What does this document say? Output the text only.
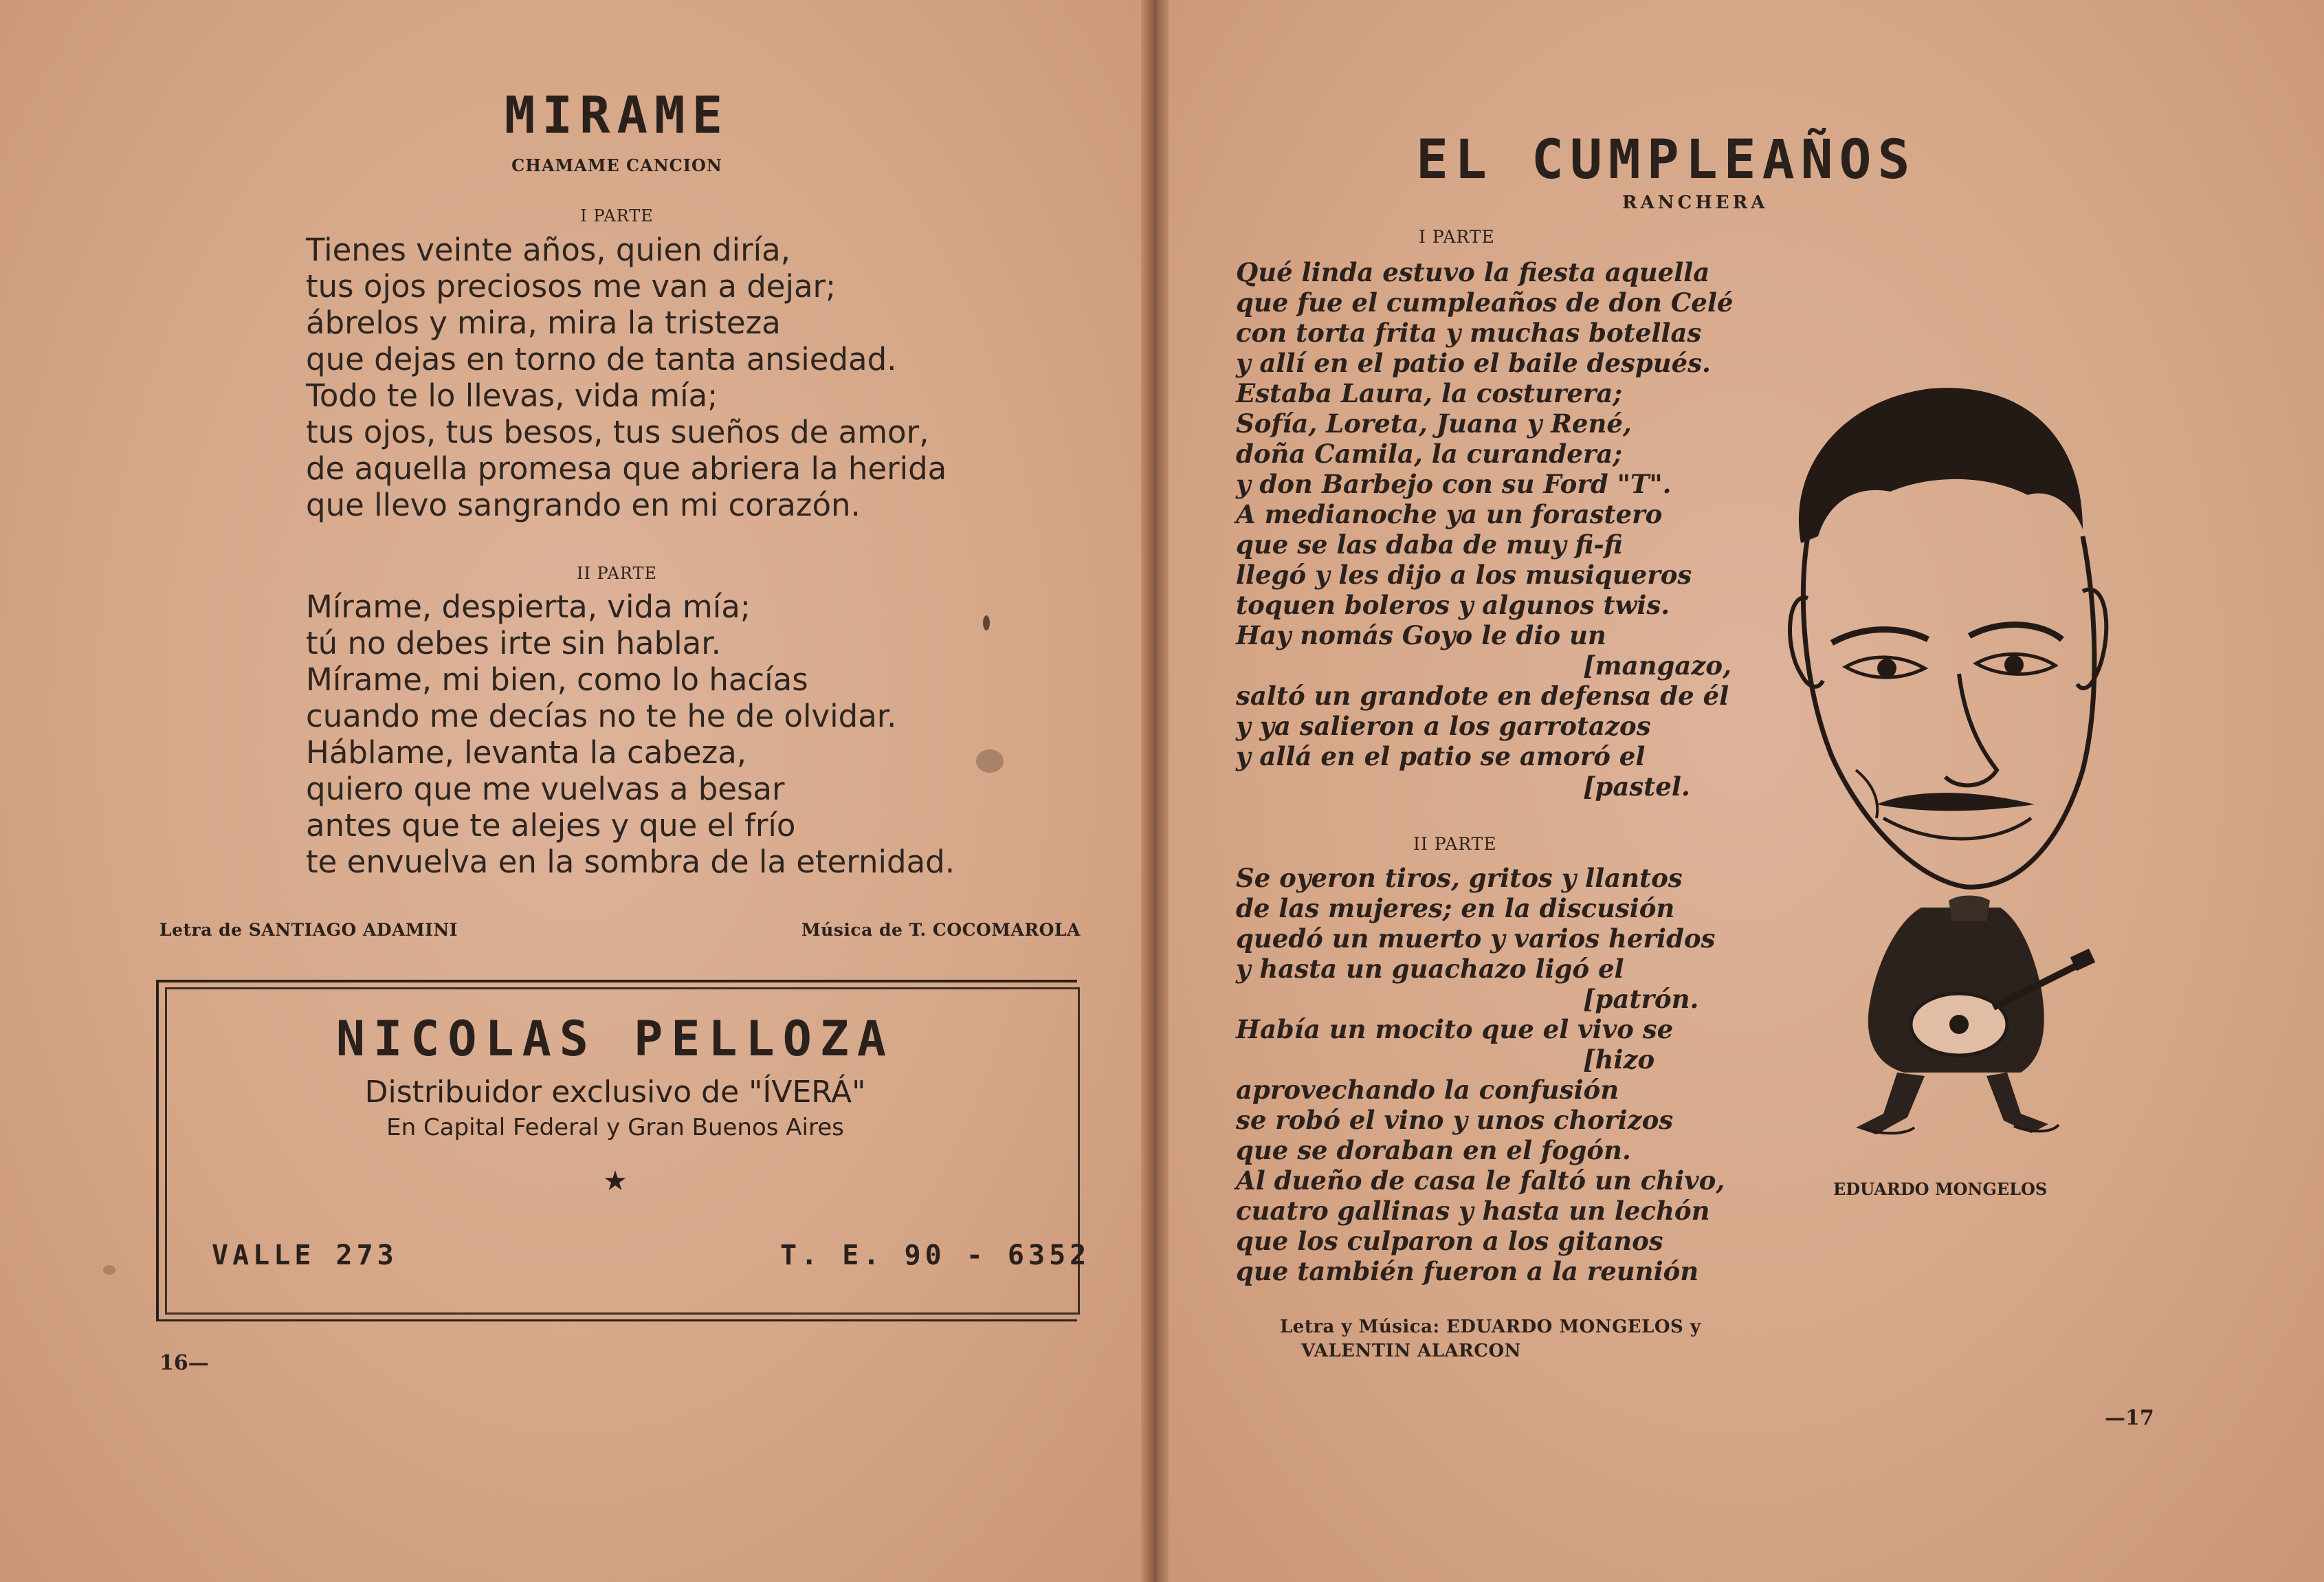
MIRAME
CHAMAME CANCION
I PARTE
Tienes veinte años, quien diría,
tus ojos preciosos me van a dejar;
ábrelos y mira, mira la tristeza
que dejas en torno de tanta ansiedad.
Todo te lo llevas, vida mía;
tus ojos, tus besos, tus sueños de amor,
de aquella promesa que abriera la herida
que llevo sangrando en mi corazón.
II PARTE
Mírame, despierta, vida mía;
tú no debes irte sin hablar.
Mírame, mi bien, como lo hacías
cuando me decías no te he de olvidar.
Háblame, levanta la cabeza,
quiero que me vuelvas a besar
antes que te alejes y que el frío
te envuelva en la sombra de la eternidad.
Letra de SANTIAGO ADAMINI	Música de T. COCOMAROLA
NICOLAS PELLOZA
Distribuidor exclusivo de "ÍVERÁ"
En Capital Federal y Gran Buenos Aires
★
VALLE 273	T. E. 90 - 6352
16—
EL CUMPLEAÑOS
RANCHERA
I PARTE
Qué linda estuvo la fiesta aquella
que fue el cumpleaños de don Celé
con torta frita y muchas botellas
y allí en el patio el baile después.
Estaba Laura, la costurera;
Sofía, Loreta, Juana y René,
doña Camila, la curandera;
y don Barbejo con su Ford "T".
A medianoche ya un forastero
que se las daba de muy fi-fi
llegó y les dijo a los musiqueros
toquen boleros y algunos twis.
Hay nomás Goyo le dio un
[mangazo,
saltó un grandote en defensa de él
y ya salieron a los garrotazos
y allá en el patio se amoró el
[pastel.
II PARTE
Se oyeron tiros, gritos y llantos
de las mujeres; en la discusión
quedó un muerto y varios heridos
y hasta un guachazo ligó el
[patrón.
Había un mocito que el vivo se
[hizo
aprovechando la confusión
se robó el vino y unos chorizos
que se doraban en el fogón.
Al dueño de casa le faltó un chivo,
cuatro gallinas y hasta un lechón
que los culparon a los gitanos
que también fueron a la reunión
Letra y Música: EDUARDO MONGELOS y
VALENTIN ALARCON
EDUARDO MONGELOS
—17
